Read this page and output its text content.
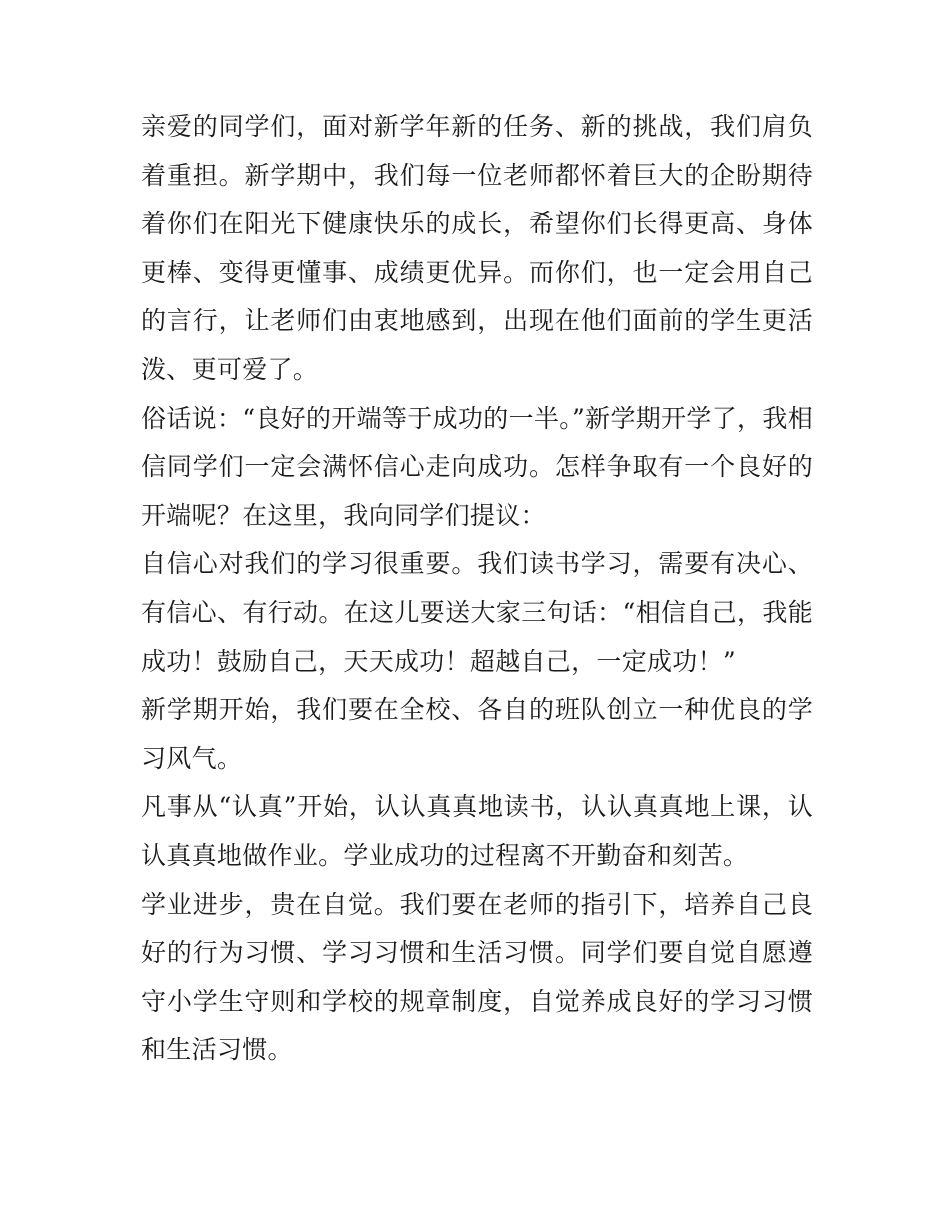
亲爱的同学们，面对新学年新的任务、新的挑战，我们肩负着重担。新学期中，我们每一位老师都怀着巨大的企盼期待着你们在阳光下健康快乐的成长，希望你们长得更高、身体更棒、变得更懂事、成绩更优异。而你们，也一定会用自己的言行，让老师们由衷地感到，出现在他们面前的学生更活泼、更可爱了。

俗话说：“良好的开端等于成功的一半。”新学期开学了，我相信同学们一定会满怀信心走向成功。怎样争取有一个良好的开端呢？在这里，我向同学们提议：

自信心对我们的学习很重要。我们读书学习，需要有决心、有信心、有行动。在这儿要送大家三句话：“相信自己，我能成功！鼓励自己，天天成功！超越自己，一定成功！”

新学期开始，我们要在全校、各自的班队创立一种优良的学习风气。

凡事从“认真”开始，认认真真地读书，认认真真地上课，认认真真地做作业。学业成功的过程离不开勤奋和刻苦。

学业进步，贵在自觉。我们要在老师的指引下，培养自己良好的行为习惯、学习习惯和生活习惯。同学们要自觉自愿遵守小学生守则和学校的规章制度，自觉养成良好的学习习惯和生活习惯。
